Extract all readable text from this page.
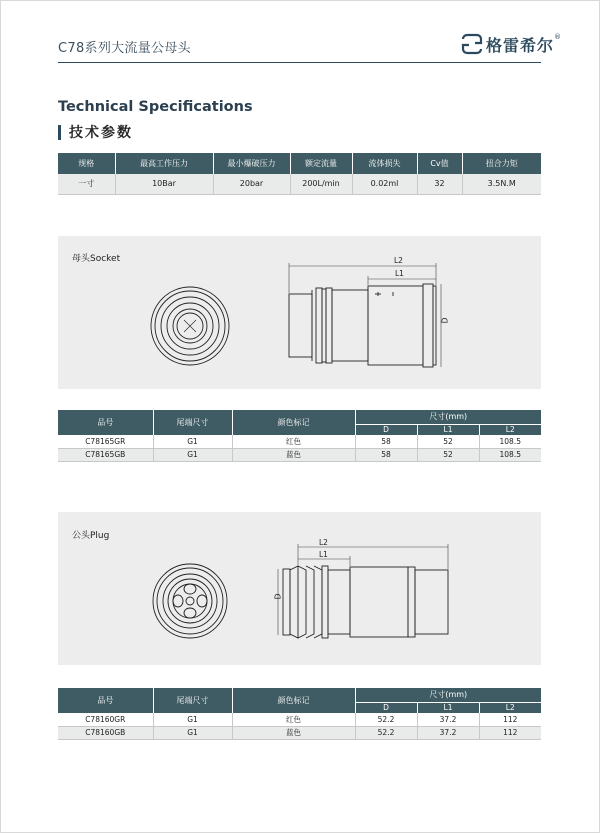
C78系列大流量公母头	格雷希尔 ®
Technical Specifications
技术参数
规格	最高工作压力	最小爆破压力	额定流量	流体损失	Cv值	扭合力矩
一寸	10Bar	20bar	200L/min	0.02ml	32	3.5N.M
母头Socket	L2
L1
D
品号	尾端尺寸	颜色标记	尺寸(mm)		
			D	L1	L2
C78165GR	G1	红色	58	52	108.5
C78165GB	G1	蓝色	58	52	108.5
公头Plug
L2
L1
D
品号	尾端尺寸	颜色标记	尺寸(mm)		
			D	L1	L2
C78160GR	G1	红色	52.2	37.2	112
C78160GB	G1	蓝色	52.2	37.2	112
